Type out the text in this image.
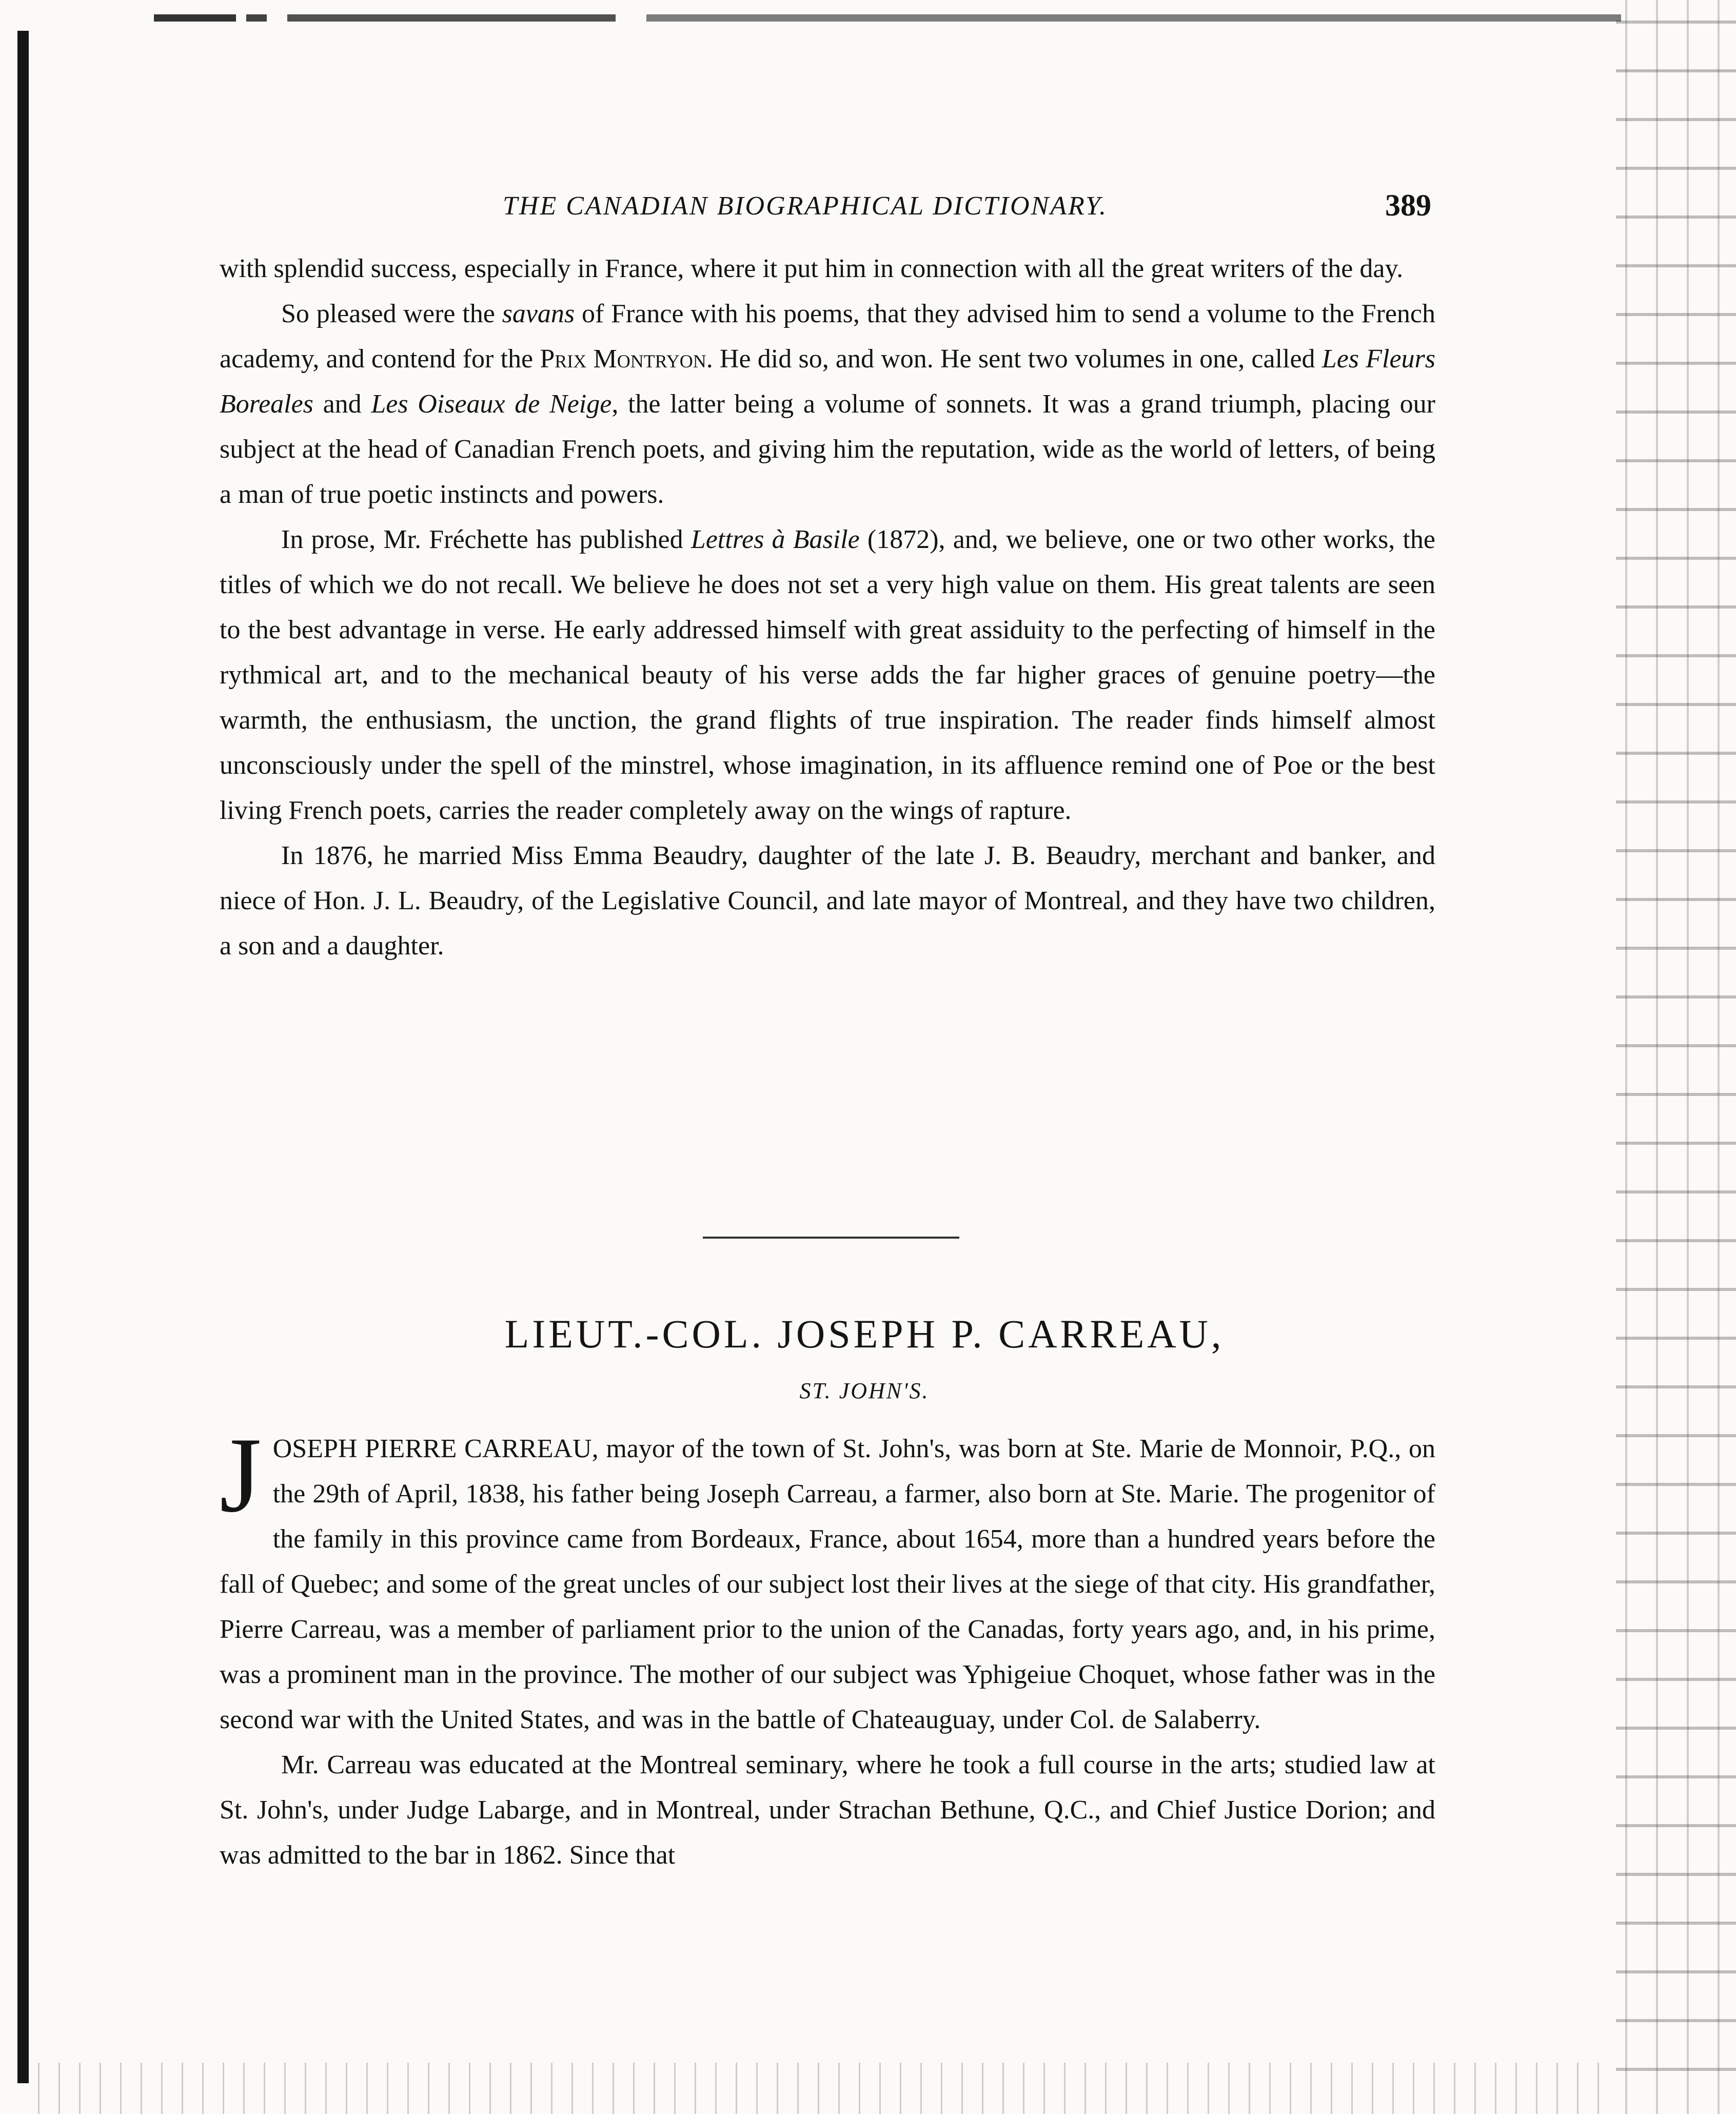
THE CANADIAN BIOGRAPHICAL DICTIONARY.	389

with splendid success, especially in France, where it put him in connection with all the great writers of the day.

So pleased were the savans of France with his poems, that they advised him to send a volume to the French academy, and contend for the Prix Montryon. He did so, and won. He sent two volumes in one, called Les Fleurs Boreales and Les Oiseaux de Neige, the latter being a volume of sonnets. It was a grand triumph, placing our subject at the head of Canadian French poets, and giving him the reputation, wide as the world of letters, of being a man of true poetic instincts and powers.

In prose, Mr. Fréchette has published Lettres à Basile (1872), and, we believe, one or two other works, the titles of which we do not recall. We believe he does not set a very high value on them. His great talents are seen to the best advantage in verse. He early addressed himself with great assiduity to the perfecting of himself in the rythmical art, and to the mechanical beauty of his verse adds the far higher graces of genuine poetry—the warmth, the enthusiasm, the unction, the grand flights of true inspiration. The reader finds himself almost unconsciously under the spell of the minstrel, whose imagination, in its affluence remind one of Poe or the best living French poets, carries the reader completely away on the wings of rapture.

In 1876, he married Miss Emma Beaudry, daughter of the late J. B. Beaudry, merchant and banker, and niece of Hon. J. L. Beaudry, of the Legislative Council, and late mayor of Montreal, and they have two children, a son and a daughter.

LIEUT.-COL. JOSEPH P. CARREAU,
ST. JOHN'S.

JOSEPH PIERRE CARREAU, mayor of the town of St. John's, was born at Ste. Marie de Monnoir, P.Q., on the 29th of April, 1838, his father being Joseph Carreau, a farmer, also born at Ste. Marie. The progenitor of the family in this province came from Bordeaux, France, about 1654, more than a hundred years before the fall of Quebec; and some of the great uncles of our subject lost their lives at the siege of that city. His grandfather, Pierre Carreau, was a member of parliament prior to the union of the Canadas, forty years ago, and, in his prime, was a prominent man in the province. The mother of our subject was Yphigeiue Choquet, whose father was in the second war with the United States, and was in the battle of Chateauguay, under Col. de Salaberry.

Mr. Carreau was educated at the Montreal seminary, where he took a full course in the arts; studied law at St. John's, under Judge Labarge, and in Montreal, under Strachan Bethune, Q.C., and Chief Justice Dorion; and was admitted to the bar in 1862. Since that
